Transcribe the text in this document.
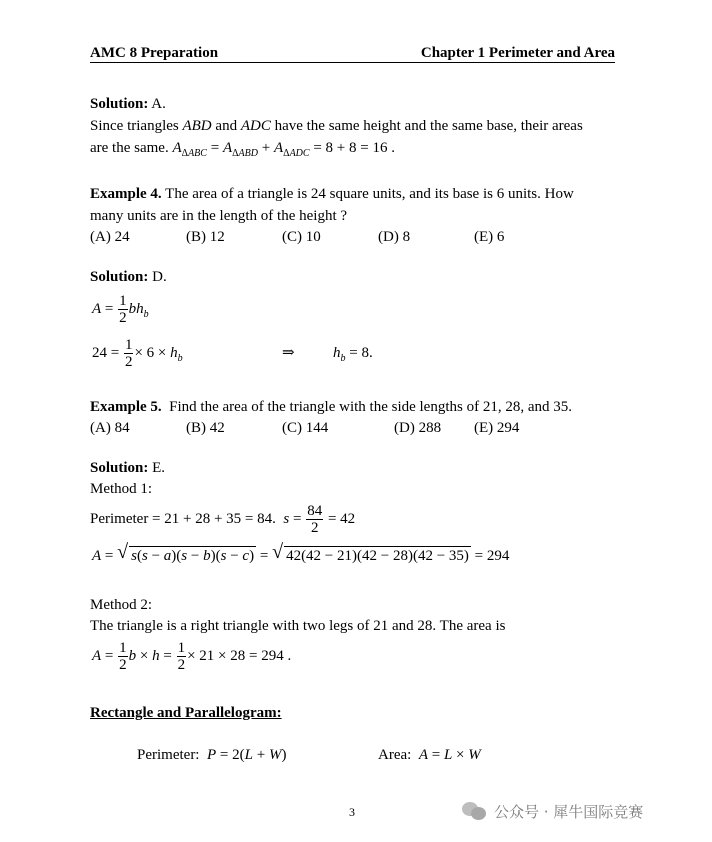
AMC 8 Preparation	Chapter 1 Perimeter and Area
Solution: A.
Since triangles ABD and ADC have the same height and the same base, their areas
are the same. $A_{\Delta ABC} = A_{\Delta ABD} + A_{\Delta ADC} = 8 + 8 = 16$ .
Example 4. The area of a triangle is 24 square units, and its base is 6 units. How
many units are in the length of the height ?
(A) 24	(B) 12	(C) 10	(D) 8	(E) 6
Solution: D.
$A = \frac{1}{2} bh_b$
$24 = \frac{1}{2} \times 6 \times h_b$	⇒	$h_b = 8$.
Example 5. Find the area of the triangle with the side lengths of 21, 28, and 35.
(A) 84	(B) 42	(C) 144	(D) 288 (E) 294
Solution: E.
Method 1:
Perimeter = 21 + 28 + 35 = 84. $s = \frac{84}{2} = 42$
A = √ s(s − a)(s − b)(s − c) = √ 42(42 − 21)(42 − 28)(42 − 35) = 294
Method 2:
The triangle is a right triangle with two legs of 21 and 28. The area is
$A = \frac{1}{2}$ $b \times h = \frac{1}{2} \times 21 \times 28 = 294$ .
Rectangle and Parallelogram:
Perimeter: P = 2(L + W)	Area: A = L × W
3	公众号 · 犀牛国际竞赛
